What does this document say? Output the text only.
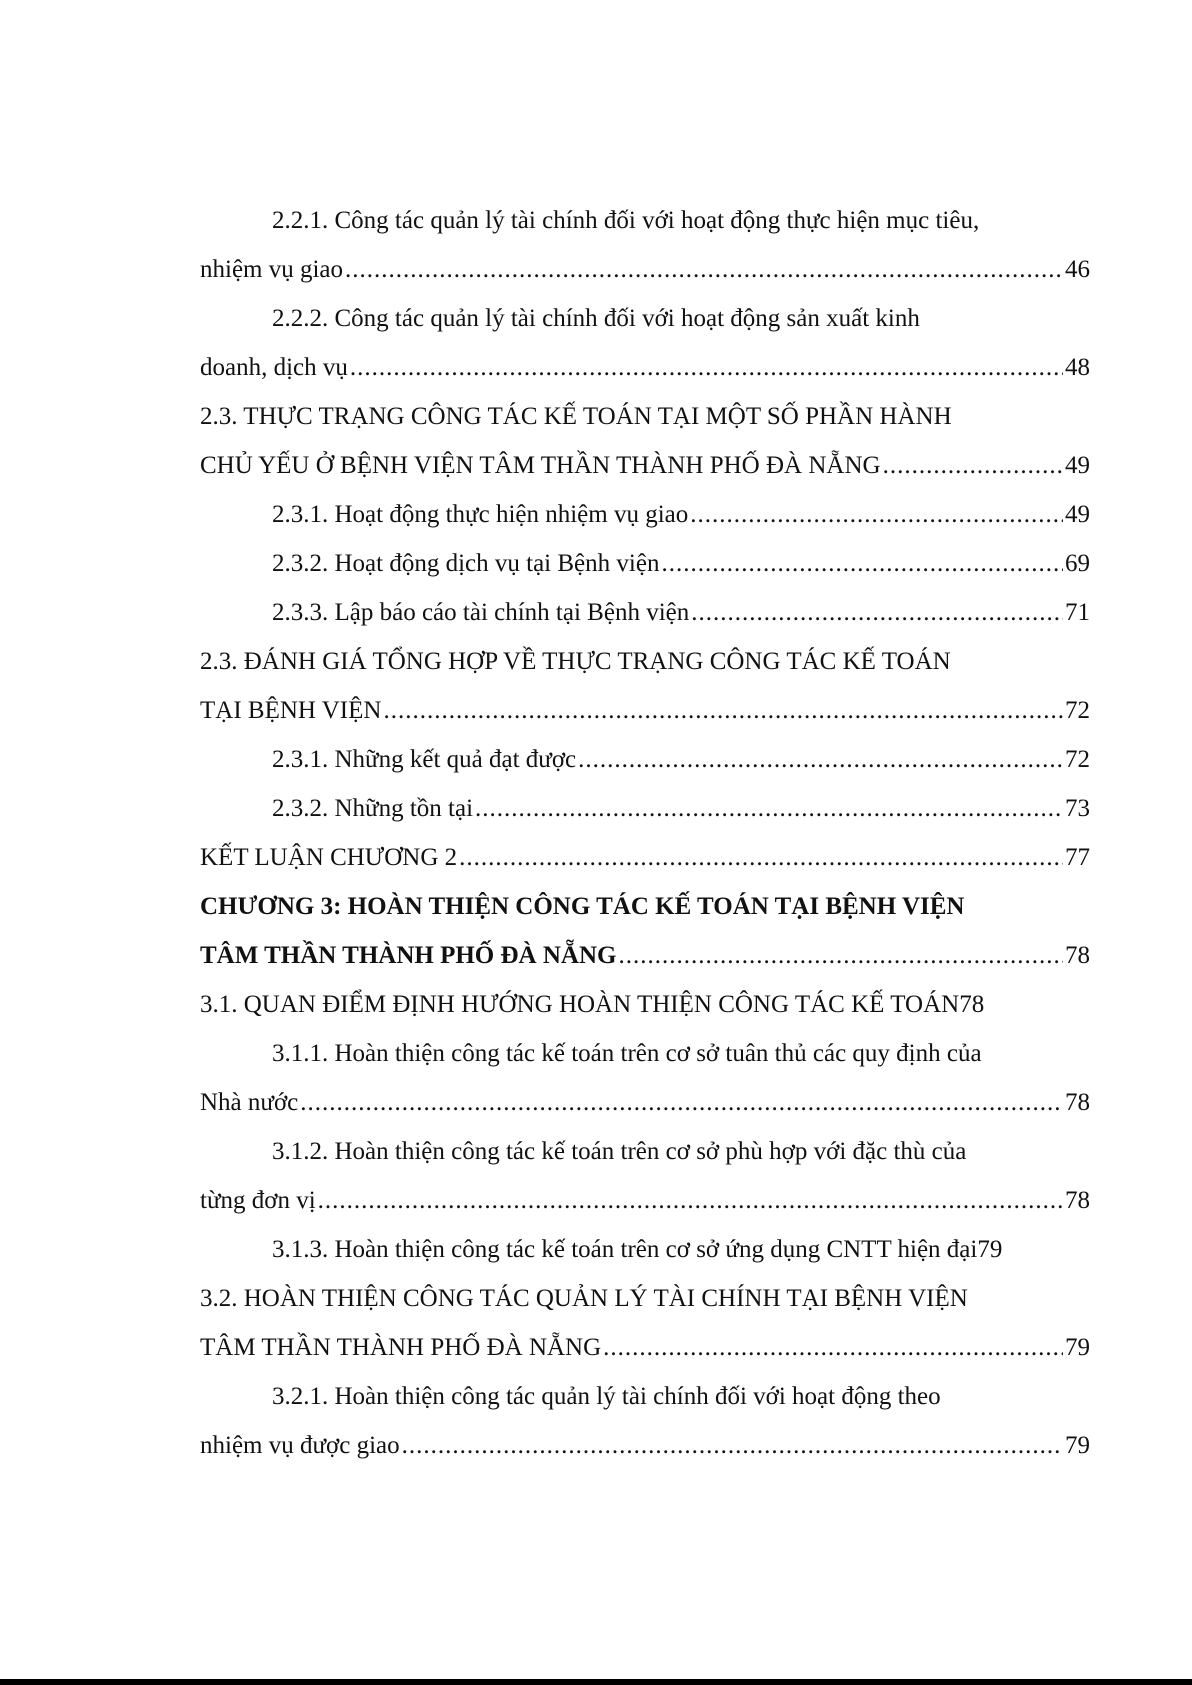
2.2.1. Công tác quản lý tài chính đối với hoạt động thực hiện mục tiêu,
nhiệm vụ giao .....	46
2.2.2. Công tác quản lý tài chính đối với hoạt động sản xuất kinh
doanh, dịch vụ .....	48
2.3. THỰC TRẠNG CÔNG TÁC KẾ TOÁN TẠI MỘT SỐ PHẦN HÀNH
CHỦ YẾU Ở BỆNH VIỆN TÂM THẦN THÀNH PHỐ ĐÀ NẴNG .....	49
2.3.1. Hoạt động thực hiện nhiệm vụ giao .....	49
2.3.2. Hoạt động dịch vụ tại Bệnh viện .....	69
2.3.3. Lập báo cáo tài chính tại Bệnh viện .....	71
2.3. ĐÁNH GIÁ TỔNG HỢP VỀ THỰC TRẠNG CÔNG TÁC KẾ TOÁN
TẠI BỆNH VIỆN .....	72
2.3.1. Những kết quả đạt được .....	72
2.3.2. Những tồn tại .....	73
KẾT LUẬN CHƯƠNG 2 .....	77
CHƯƠNG 3: HOÀN THIỆN CÔNG TÁC KẾ TOÁN TẠI BỆNH VIỆN
TÂM THẦN THÀNH PHỐ ĐÀ NẴNG .....	78
3.1. QUAN ĐIỂM ĐỊNH HƯỚNG HOÀN THIỆN CÔNG TÁC KẾ TOÁN 78
3.1.1. Hoàn thiện công tác kế toán trên cơ sở tuân thủ các quy định của
Nhà nước .....	78
3.1.2. Hoàn thiện công tác kế toán trên cơ sở phù hợp với đặc thù của
từng đơn vị .....	78
3.1.3. Hoàn thiện công tác kế toán trên cơ sở ứng dụng CNTT hiện đại 79
3.2. HOÀN THIỆN CÔNG TÁC QUẢN LÝ TÀI CHÍNH TẠI BỆNH VIỆN
TÂM THẦN THÀNH PHỐ ĐÀ NẴNG .....	79
3.2.1. Hoàn thiện công tác quản lý tài chính đối với hoạt động theo
nhiệm vụ được giao .....	79
